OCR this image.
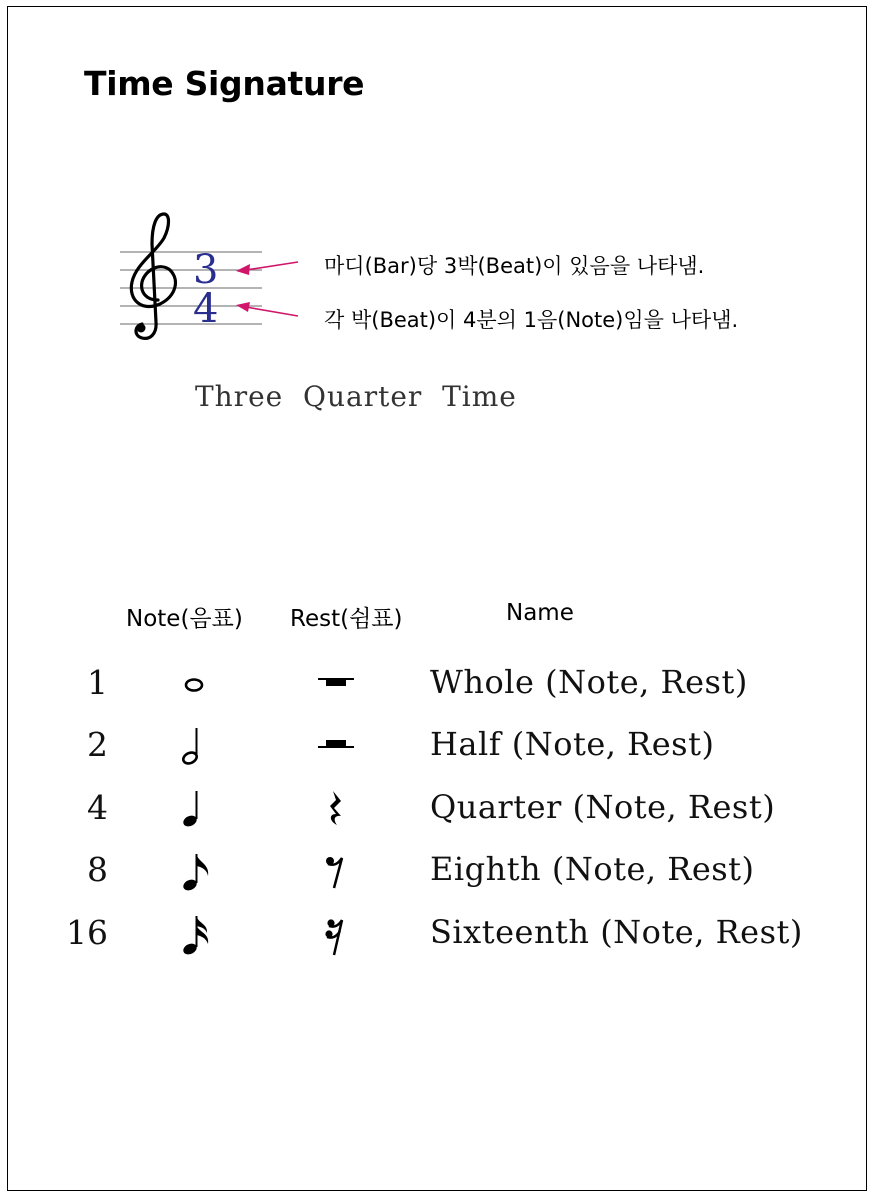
Time Signature
3
4
마디(Bar)당 3박(Beat)이 있음을 나타냄.
각 박(Beat)이 4분의 1음(Note)임을 나타냄.
Three  Quarter  Time
Note(음표) Rest(쉼표)	Name
1	Whole (Note, Rest)
2	Half (Note, Rest)
4	Quarter (Note, Rest)
8	Eighth (Note, Rest)
16	Sixteenth (Note, Rest)
